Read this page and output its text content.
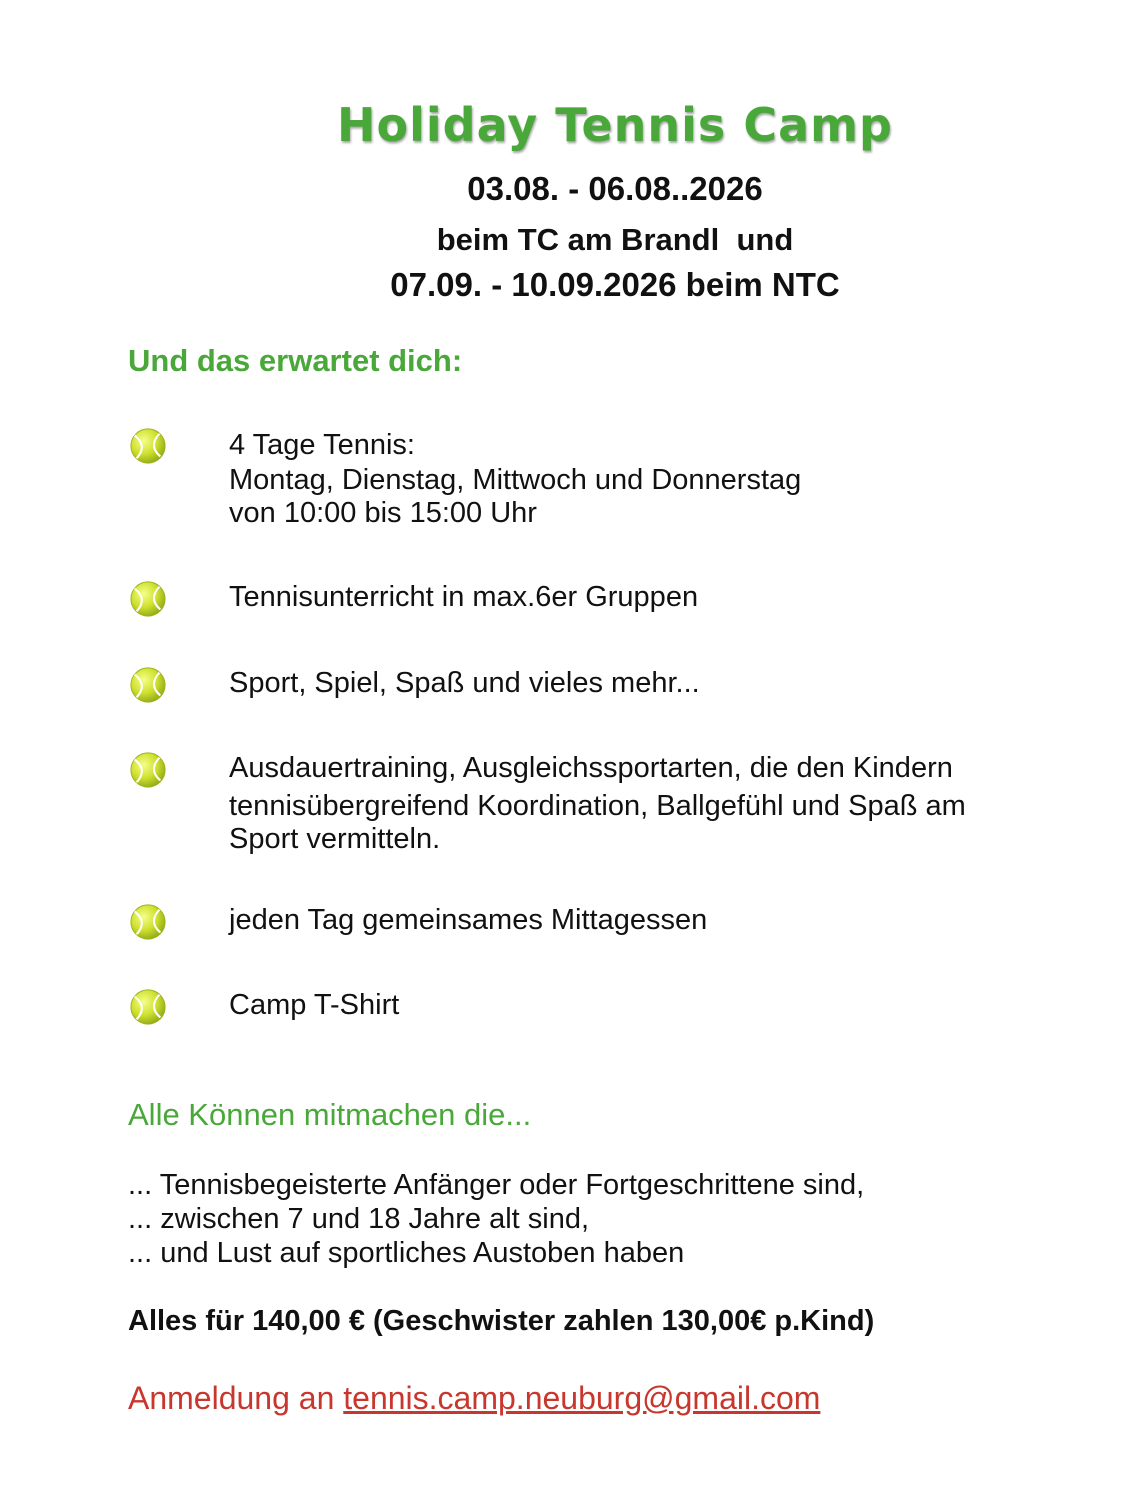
Holiday Tennis Camp
03.08. - 06.08..2026
beim TC am Brandl  und
07.09. - 10.09.2026 beim NTC
Und das erwartet dich:
4 Tage Tennis:
Montag, Dienstag, Mittwoch und Donnerstag
von 10:00 bis 15:00 Uhr
Tennisunterricht in max.6er Gruppen
Sport, Spiel, Spaß und vieles mehr...
Ausdauertraining, Ausgleichssportarten, die den Kindern
tennisübergreifend Koordination, Ballgefühl und Spaß am
Sport vermitteln.
jeden Tag gemeinsames Mittagessen
Camp T-Shirt
Alle Können mitmachen die...
... Tennisbegeisterte Anfänger oder Fortgeschrittene sind,
... zwischen 7 und 18 Jahre alt sind,
... und Lust auf sportliches Austoben haben
Alles für 140,00 € (Geschwister zahlen 130,00€ p.Kind)
Anmeldung an tennis.camp.neuburg@gmail.com
